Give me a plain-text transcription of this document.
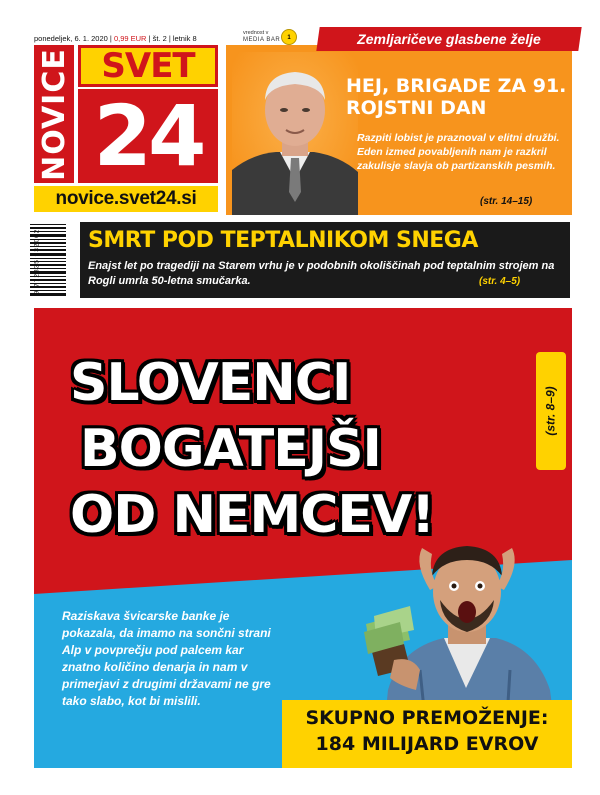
ponedeljek, 6. 1. 2020 | 0,99 EUR | št. 2 | letnik 8
vrednost v
MEDIA BAR	1
NOVICE SVET
24
novice.svet24.si
Zemljaričeve glasbene želje
HEJ, BRIGADE ZA 91. ROJSTNI DAN
Razpiti lobist je praznoval v elitni družbi. Eden izmed povabljenih nam je razkril zakulisje slavja ob partizanskih pesmih.
(str. 14–15)
9 772335 932002 SMRT POD TEPTALNIKOM SNEGA
Enajst let po tragediji na Starem vrhu je v podobnih okoliščinah pod teptalnim strojem na Rogli umrla 50-letna smučarka.	(str. 4–5)
SLOVENCI
BOGATEJŠI
OD NEMCEV!
(str. 8–9)
Raziskava švicarske banke je pokazala, da imamo na sončni strani Alp v povprečju pod palcem kar znatno količino denarja in nam v primerjavi z drugimi državami ne gre tako slabo, kot bi mislili.
SKUPNO PREMOŽENJE:
184 MILIJARD EVROV
